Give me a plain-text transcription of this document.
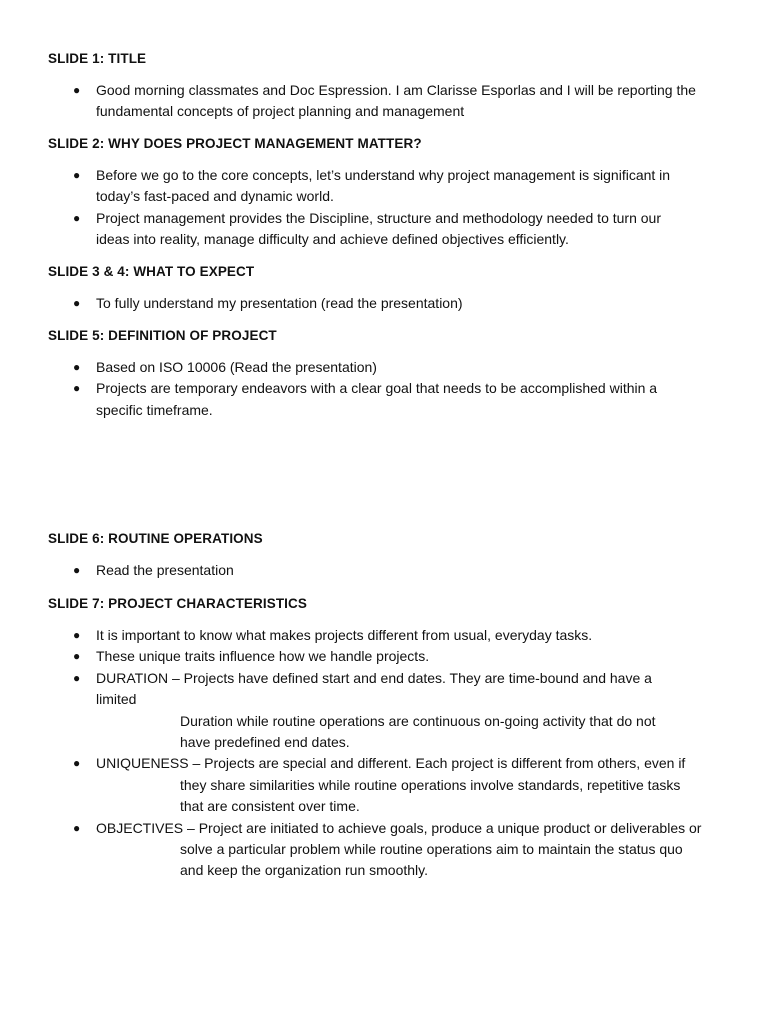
SLIDE 1: TITLE
● Good morning classmates and Doc Espression. I am Clarisse Esporlas and I will be reporting the
fundamental concepts of project planning and management
SLIDE 2: WHY DOES PROJECT MANAGEMENT MATTER?
● Before we go to the core concepts, let’s understand why project management is significant in
today’s fast-paced and dynamic world.
● Project management provides the Discipline, structure and methodology needed to turn our
ideas into reality, manage difficulty and achieve defined objectives efficiently.
SLIDE 3 & 4: WHAT TO EXPECT
● To fully understand my presentation (read the presentation)
SLIDE 5: DEFINITION OF PROJECT
● Based on ISO 10006 (Read the presentation)
● Projects are temporary endeavors with a clear goal that needs to be accomplished within a
specific timeframe.
SLIDE 6: ROUTINE OPERATIONS
● Read the presentation
SLIDE 7: PROJECT CHARACTERISTICS
● It is important to know what makes projects different from usual, everyday tasks.
● These unique traits influence how we handle projects.
● DURATION – Projects have defined start and end dates. They are time-bound and have a
limited
Duration while routine operations are continuous on-going activity that do not
have predefined end dates.
● UNIQUENESS – Projects are special and different. Each project is different from others, even if
they share similarities while routine operations involve standards, repetitive tasks
that are consistent over time.
● OBJECTIVES – Project are initiated to achieve goals, produce a unique product or deliverables or
solve a particular problem while routine operations aim to maintain the status quo
and keep the organization run smoothly.
